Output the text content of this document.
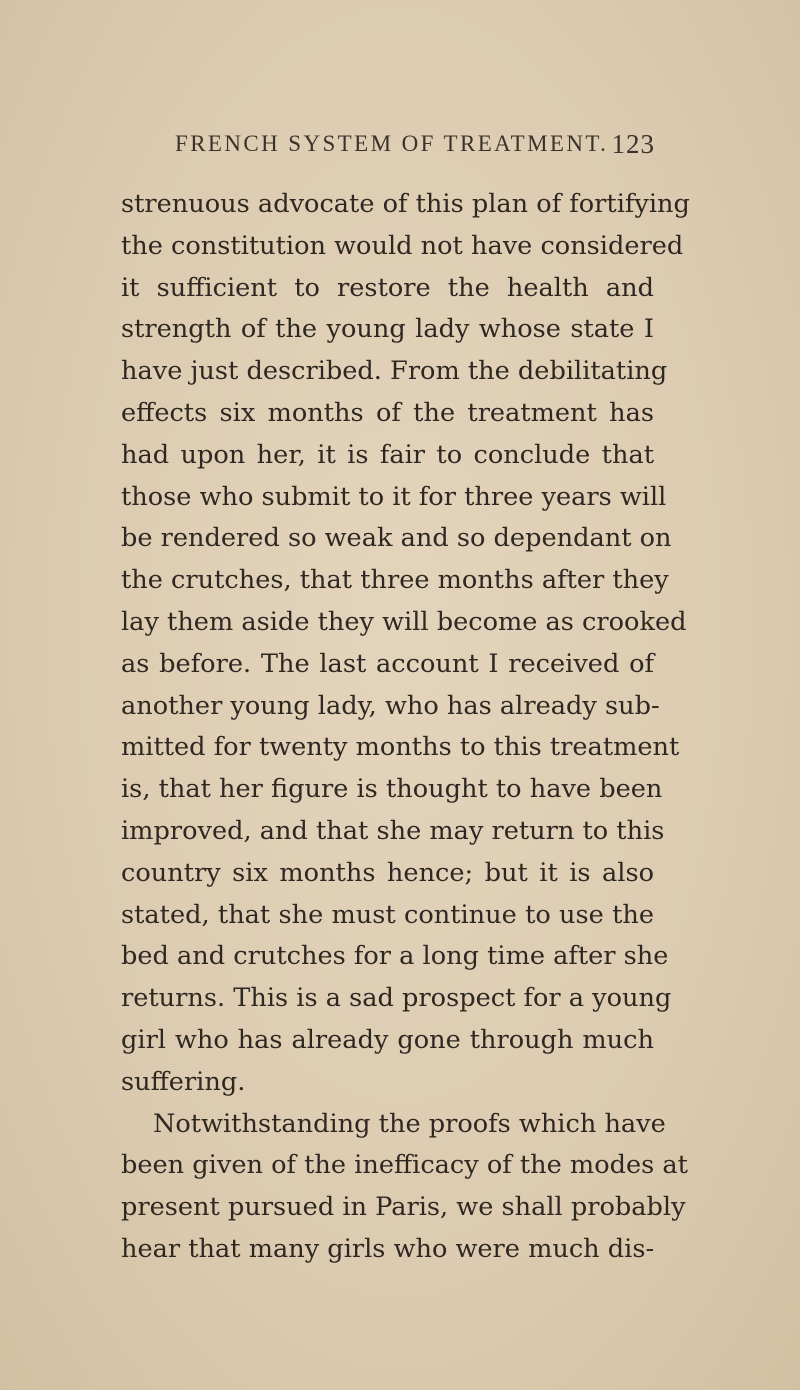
FRENCH SYSTEM OF TREATMENT. 123
strenuous advocate of this plan of fortifying
the constitution would not have considered
it sufficient to restore the health and
strength of the young lady whose state I
have just described. From the debilitating
effects six months of the treatment has
had upon her, it is fair to conclude that
those who submit to it for three years will
be rendered so weak and so dependant on
the crutches, that three months after they
lay them aside they will become as crooked
as before. The last account I received of
another young lady, who has already sub-
mitted for twenty months to this treatment
is, that her figure is thought to have been
improved, and that she may return to this
country six months hence; but it is also
stated, that she must continue to use the
bed and crutches for a long time after she
returns. This is a sad prospect for a young
girl who has already gone through much
suffering.
Notwithstanding the proofs which have
been given of the inefficacy of the modes at
present pursued in Paris, we shall probably
hear that many girls who were much dis-
